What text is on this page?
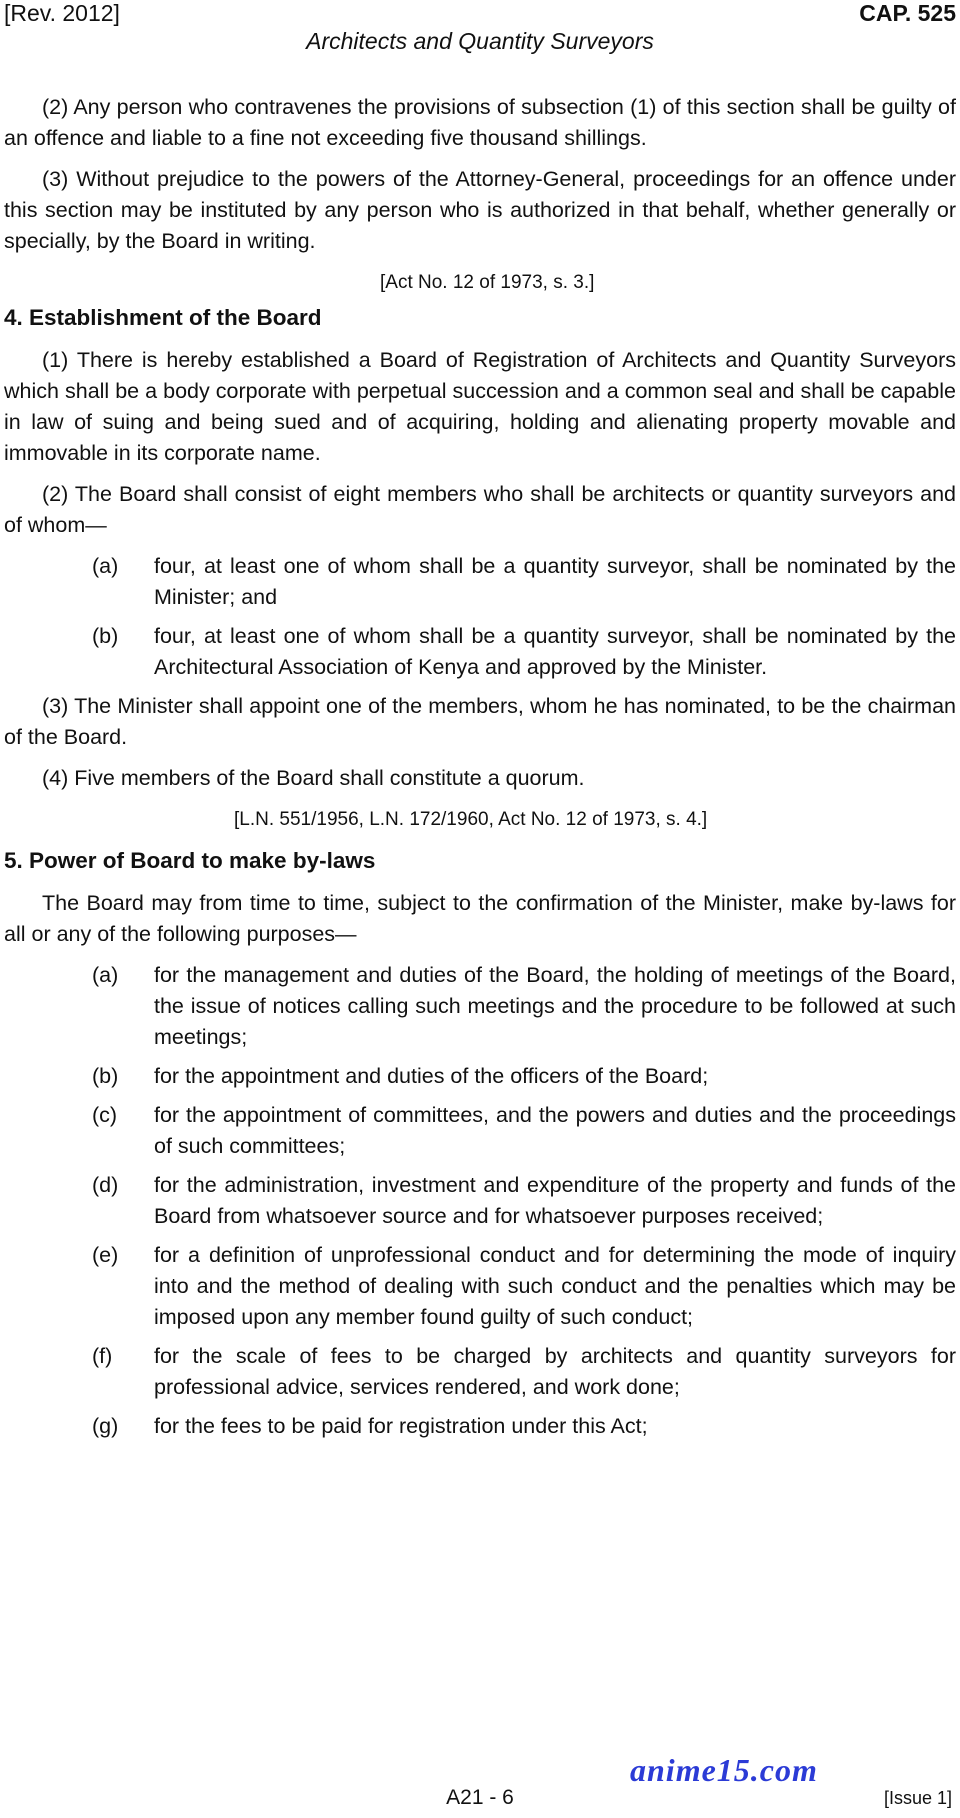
[Rev. 2012]	CAP. 525
Architects and Quantity Surveyors

(2) Any person who contravenes the provisions of subsection (1) of this section shall be guilty of an offence and liable to a fine not exceeding five thousand shillings.

(3) Without prejudice to the powers of the Attorney-General, proceedings for an offence under this section may be instituted by any person who is authorized in that behalf, whether generally or specially, by the Board in writing.

[Act No. 12 of 1973, s. 3.]

4. Establishment of the Board

(1) There is hereby established a Board of Registration of Architects and Quantity Surveyors which shall be a body corporate with perpetual succession and a common seal and shall be capable in law of suing and being sued and of acquiring, holding and alienating property movable and immovable in its corporate name.

(2) The Board shall consist of eight members who shall be architects or quantity surveyors and of whom—

(a)	four, at least one of whom shall be a quantity surveyor, shall be nominated by the Minister; and
(b)	four, at least one of whom shall be a quantity surveyor, shall be nominated by the Architectural Association of Kenya and approved by the Minister.

(3) The Minister shall appoint one of the members, whom he has nominated, to be the chairman of the Board.

(4) Five members of the Board shall constitute a quorum.

[L.N. 551/1956, L.N. 172/1960, Act No. 12 of 1973, s. 4.]

5. Power of Board to make by-laws

The Board may from time to time, subject to the confirmation of the Minister, make by-laws for all or any of the following purposes—

(a)	for the management and duties of the Board, the holding of meetings of the Board, the issue of notices calling such meetings and the procedure to be followed at such meetings;
(b)	for the appointment and duties of the officers of the Board;
(c)	for the appointment of committees, and the powers and duties and the proceedings of such committees;
(d)	for the administration, investment and expenditure of the property and funds of the Board from whatsoever source and for whatsoever purposes received;
(e)	for a definition of unprofessional conduct and for determining the mode of inquiry into and the method of dealing with such conduct and the penalties which may be imposed upon any member found guilty of such conduct;
(f)	for the scale of fees to be charged by architects and quantity surveyors for professional advice, services rendered, and work done;
(g)	for the fees to be paid for registration under this Act;
anime15.com
A21 - 6	[Issue 1]
